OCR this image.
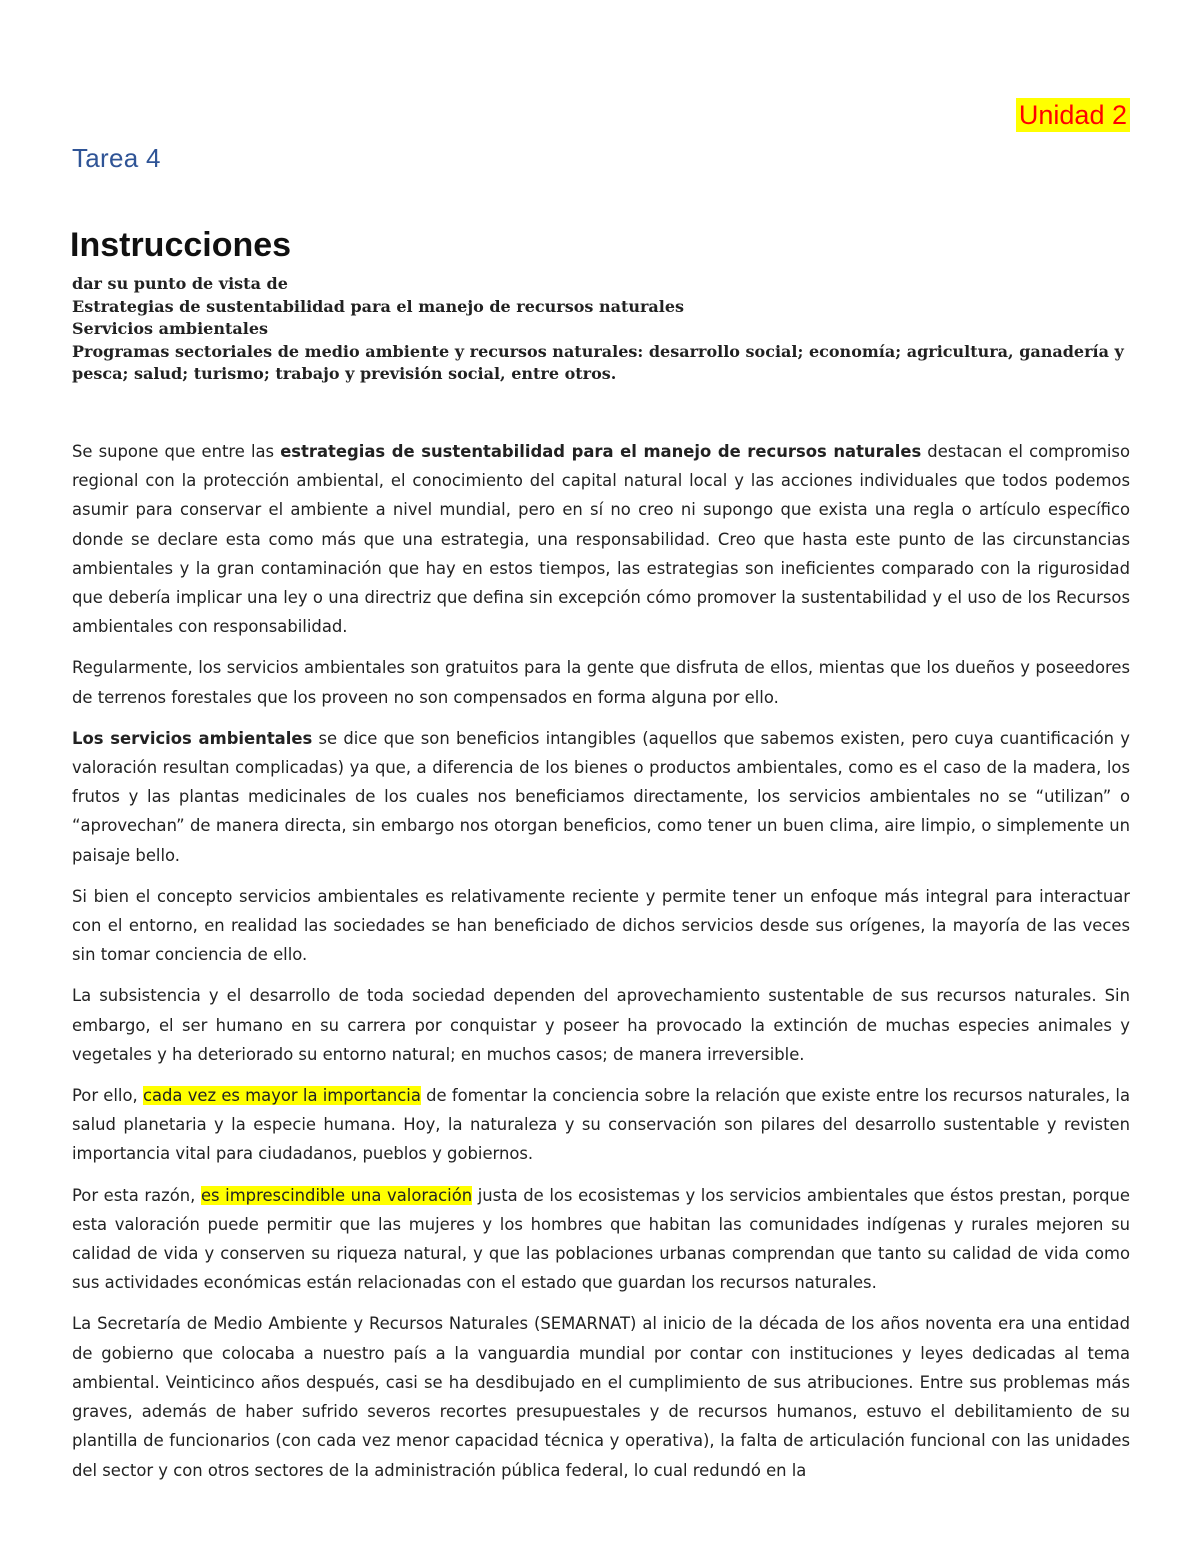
Unidad 2
Tarea 4
Instrucciones
dar su punto de vista de
Estrategias de sustentabilidad para el manejo de recursos naturales
Servicios ambientales
Programas sectoriales de medio ambiente y recursos naturales: desarrollo social; economía; agricultura, ganadería y
pesca; salud; turismo; trabajo y previsión social, entre otros.

Se supone que entre las estrategias de sustentabilidad para el manejo de recursos naturales destacan el compromiso regional con la protección ambiental, el conocimiento del capital natural local y las acciones individuales que todos podemos asumir para conservar el ambiente a nivel mundial, pero en sí no creo ni supongo que exista una regla o artículo específico donde se declare esta como más que una estrategia, una responsabilidad. Creo que hasta este punto de las circunstancias ambientales y la gran contaminación que hay en estos tiempos, las estrategias son ineficientes comparado con la rigurosidad que debería implicar una ley o una directriz que defina sin excepción cómo promover la sustentabilidad y el uso de los Recursos ambientales con responsabilidad.

Regularmente, los servicios ambientales son gratuitos para la gente que disfruta de ellos, mientas que los dueños y poseedores de terrenos forestales que los proveen no son compensados en forma alguna por ello.

Los servicios ambientales se dice que son beneficios intangibles (aquellos que sabemos existen, pero cuya cuantificación y valoración resultan complicadas) ya que, a diferencia de los bienes o productos ambientales, como es el caso de la madera, los frutos y las plantas medicinales de los cuales nos beneficiamos directamente, los servicios ambientales no se “utilizan” o “aprovechan” de manera directa, sin embargo nos otorgan beneficios, como tener un buen clima, aire limpio, o simplemente un paisaje bello.

Si bien el concepto servicios ambientales es relativamente reciente y permite tener un enfoque más integral para interactuar con el entorno, en realidad las sociedades se han beneficiado de dichos servicios desde sus orígenes, la mayoría de las veces sin tomar conciencia de ello.

La subsistencia y el desarrollo de toda sociedad dependen del aprovechamiento sustentable de sus recursos naturales. Sin embargo, el ser humano en su carrera por conquistar y poseer ha provocado la extinción de muchas especies animales y vegetales y ha deteriorado su entorno natural; en muchos casos; de manera irreversible.

Por ello, cada vez es mayor la importancia de fomentar la conciencia sobre la relación que existe entre los recursos naturales, la salud planetaria y la especie humana. Hoy, la naturaleza y su conservación son pilares del desarrollo sustentable y revisten importancia vital para ciudadanos, pueblos y gobiernos.

Por esta razón, es imprescindible una valoración justa de los ecosistemas y los servicios ambientales que éstos prestan, porque esta valoración puede permitir que las mujeres y los hombres que habitan las comunidades indígenas y rurales mejoren su calidad de vida y conserven su riqueza natural, y que las poblaciones urbanas comprendan que tanto su calidad de vida como sus actividades económicas están relacionadas con el estado que guardan los recursos naturales.

La Secretaría de Medio Ambiente y Recursos Naturales (SEMARNAT) al inicio de la década de los años noventa era una entidad de gobierno que colocaba a nuestro país a la vanguardia mundial por contar con instituciones y leyes dedicadas al tema ambiental. Veinticinco años después, casi se ha desdibujado en el cumplimiento de sus atribuciones. Entre sus problemas más graves, además de haber sufrido severos recortes presupuestales y de recursos humanos, estuvo el debilitamiento de su plantilla de funcionarios (con cada vez menor capacidad técnica y operativa), la falta de articulación funcional con las unidades del sector y con otros sectores de la administración pública federal, lo cual redundó en la
